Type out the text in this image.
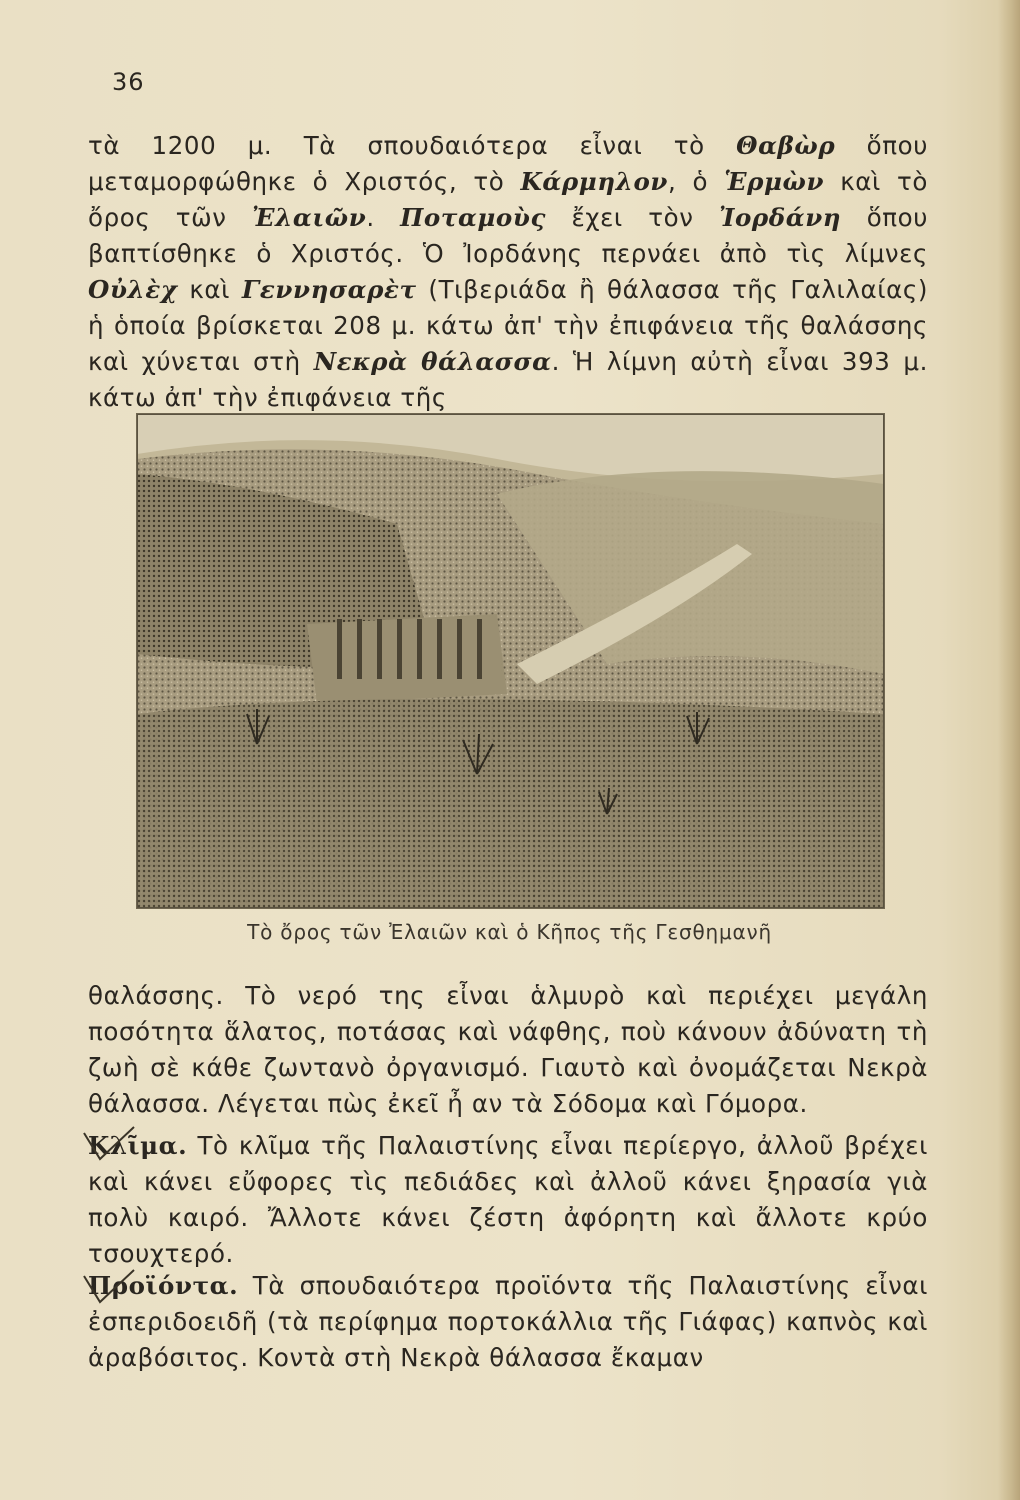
36
τὰ 1200 μ. Τὰ σπουδαιότερα εἶναι τὸ Θαβὼρ ὅπου μεταμορφώθηκε ὁ Χριστός, τὸ Κάρμηλον, ὁ Ἑρμὼν καὶ τὸ ὄρος τῶν Ἐλαιῶν. Ποταμοὺς ἔχει τὸν Ἰορδάνη ὅπου βαπτίσθηκε ὁ Χριστός. Ὁ Ἰορδάνης περνάει ἀπὸ τὶς λίμνες Οὐλὲχ καὶ Γεννησαρὲτ (Τιβεριάδα ἢ θάλασσα τῆς Γαλιλαίας) ἡ ὁποία βρίσκεται 208 μ. κάτω ἀπ' τὴν ἐπιφάνεια τῆς θαλάσσης καὶ χύνεται στὴ Νεκρὰ θάλασσα. Ἡ λίμνη αὐτὴ εἶναι 393 μ. κάτω ἀπ' τὴν ἐπιφάνεια τῆς
Τὸ ὄρος τῶν Ἐλαιῶν καὶ ὁ Κῆπος τῆς Γεσθημανῆ
θαλάσσης. Τὸ νερό της εἶναι ἁλμυρὸ καὶ περιέχει μεγάλη ποσότητα ἅλατος, ποτάσας καὶ νάφθης, ποὺ κάνουν ἀδύνατη τὴ ζωὴ σὲ κάθε ζωντανὸ ὀργανισμό. Γιαυτὸ καὶ ὀνομάζεται Νεκρὰ θάλασσα. Λέγεται πὼς ἐκεῖ ἦ αν τὰ Σόδομα καὶ Γόμορα.
Κλῖμα. Τὸ κλῖμα τῆς Παλαιστίνης εἶναι περίεργο, ἀλλοῦ βρέχει καὶ κάνει εὔφορες τὶς πεδιάδες καὶ ἀλλοῦ κάνει ξηρασία γιὰ πολὺ καιρό. Ἄλλοτε κάνει ζέστη ἀφόρητη καὶ ἄλλοτε κρύο τσουχτερό.
Προϊόντα. Τὰ σπουδαιότερα προϊόντα τῆς Παλαιστίνης εἶναι ἐσπεριδοειδῆ (τὰ περίφημα πορτοκάλλια τῆς Γιάφας) καπνὸς καὶ ἀραβόσιτος. Κοντὰ στὴ Νεκρὰ θάλασσα ἔκαμαν
